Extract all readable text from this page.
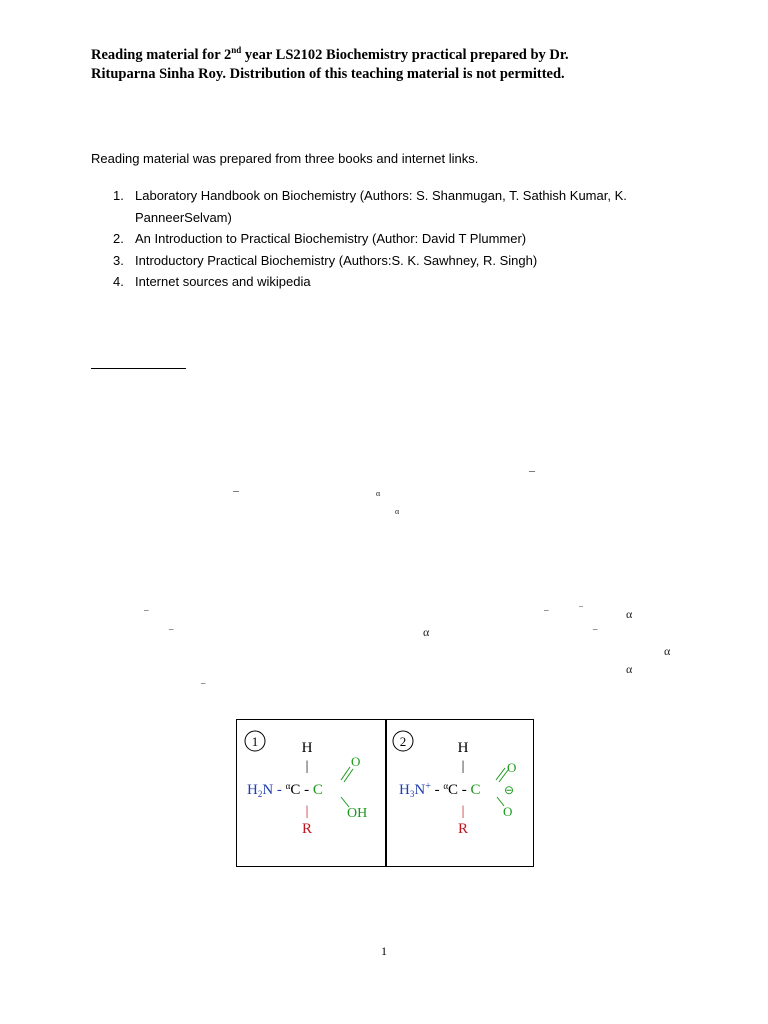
Reading material for 2nd year LS2102 Biochemistry practical prepared by Dr.
Rituparna Sinha Roy. Distribution of this teaching material is not permitted.
Reading material was prepared from three books and internet links.
1. Laboratory Handbook on Biochemistry (Authors: S. Shanmugan, T. Sathish Kumar, K. PanneerSelvam)
2. An Introduction to Practical Biochemistry (Author: David T Plummer)
3. Introductory Practical Biochemistry (Authors:S. K. Sawhney, R. Singh)
4. Internet sources and wikipedia
–
–	α
α
–	–	–
α
–	α	–
α
α
–
1	H
|
$H_2N - ^\alpha C$ - C
O
OH
|
R
2	H
|
$H_3N^+ - ^\alpha C$ - C
O
⊖
O
|
R
1
